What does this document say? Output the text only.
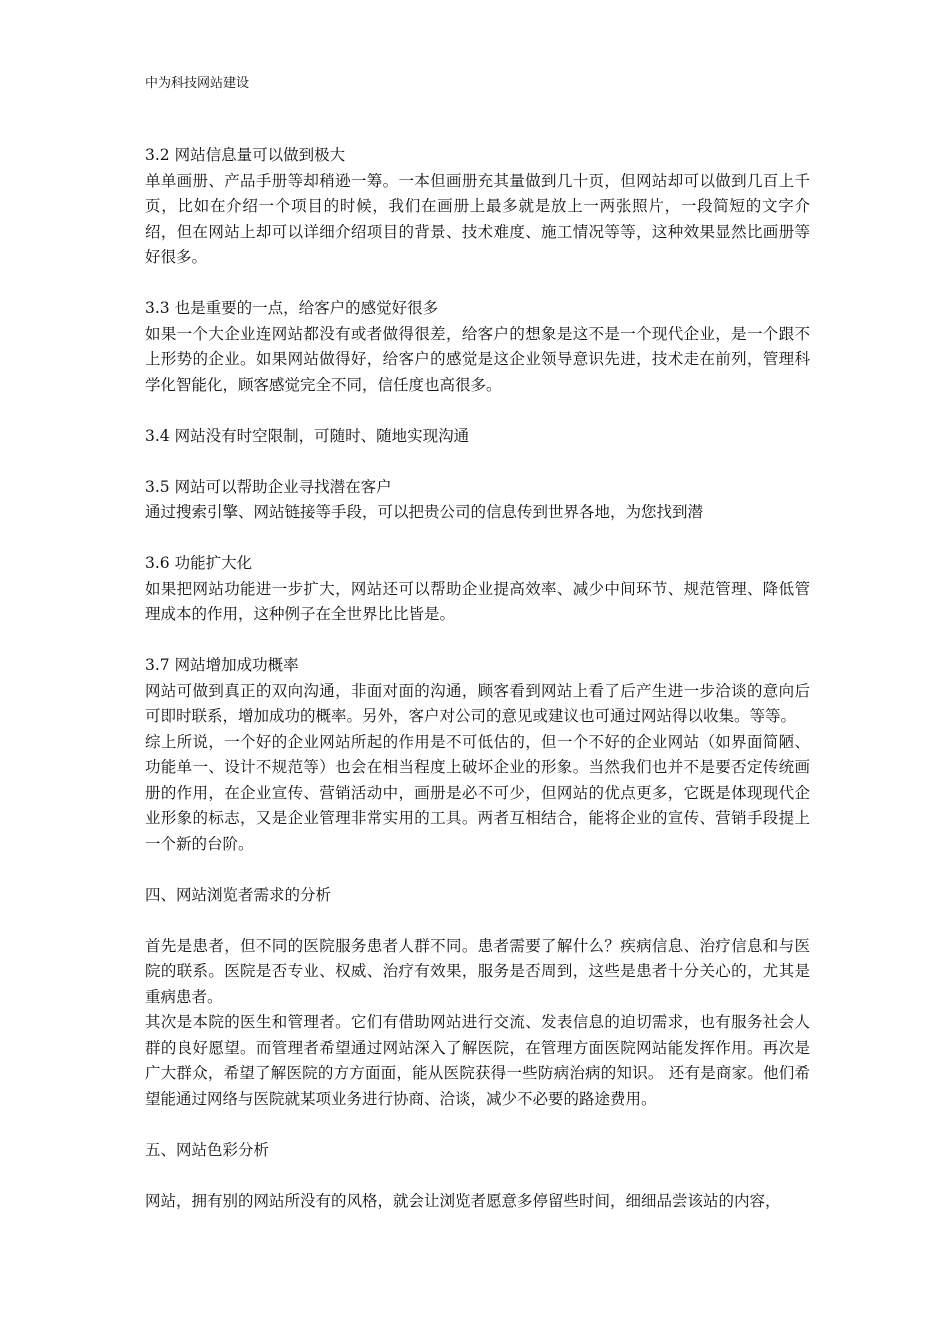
中为科技网站建设

3.2 网站信息量可以做到极大

单单画册、产品手册等却稍逊一筹。一本但画册充其量做到几十页，但网站却可以做到几百上千页，比如在介绍一个项目的时候，我们在画册上最多就是放上一两张照片，一段简短的文字介绍，但在网站上却可以详细介绍项目的背景、技术难度、施工情况等等，这种效果显然比画册等好很多。

3.3 也是重要的一点，给客户的感觉好很多

如果一个大企业连网站都没有或者做得很差，给客户的想象是这不是一个现代企业，是一个跟不上形势的企业。如果网站做得好，给客户的感觉是这企业领导意识先进，技术走在前列，管理科学化智能化，顾客感觉完全不同，信任度也高很多。

3.4 网站没有时空限制，可随时、随地实现沟通

3.5 网站可以帮助企业寻找潜在客户

通过搜索引擎、网站链接等手段，可以把贵公司的信息传到世界各地，为您找到潜

3.6 功能扩大化

如果把网站功能进一步扩大，网站还可以帮助企业提高效率、减少中间环节、规范管理、降低管理成本的作用，这种例子在全世界比比皆是。

3.7 网站增加成功概率

网站可做到真正的双向沟通，非面对面的沟通，顾客看到网站上看了后产生进一步洽谈的意向后可即时联系，增加成功的概率。另外，客户对公司的意见或建议也可通过网站得以收集。等等。

综上所说，一个好的企业网站所起的作用是不可低估的，但一个不好的企业网站（如界面简陋、功能单一、设计不规范等）也会在相当程度上破坏企业的形象。当然我们也并不是要否定传统画册的作用，在企业宣传、营销活动中，画册是必不可少，但网站的优点更多，它既是体现现代企业形象的标志，又是企业管理非常实用的工具。两者互相结合，能将企业的宣传、营销手段提上一个新的台阶。

四、网站浏览者需求的分析

首先是患者，但不同的医院服务患者人群不同。患者需要了解什么？疾病信息、治疗信息和与医院的联系。医院是否专业、权威、治疗有效果，服务是否周到，这些是患者十分关心的，尤其是重病患者。

其次是本院的医生和管理者。它们有借助网站进行交流、发表信息的迫切需求，也有服务社会人群的良好愿望。而管理者希望通过网站深入了解医院，在管理方面医院网站能发挥作用。再次是广大群众，希望了解医院的方方面面，能从医院获得一些防病治病的知识。 还有是商家。他们希望能通过网络与医院就某项业务进行协商、洽谈，减少不必要的路途费用。

五、网站色彩分析

网站，拥有别的网站所没有的风格，就会让浏览者愿意多停留些时间，细细品尝该站的内容，
